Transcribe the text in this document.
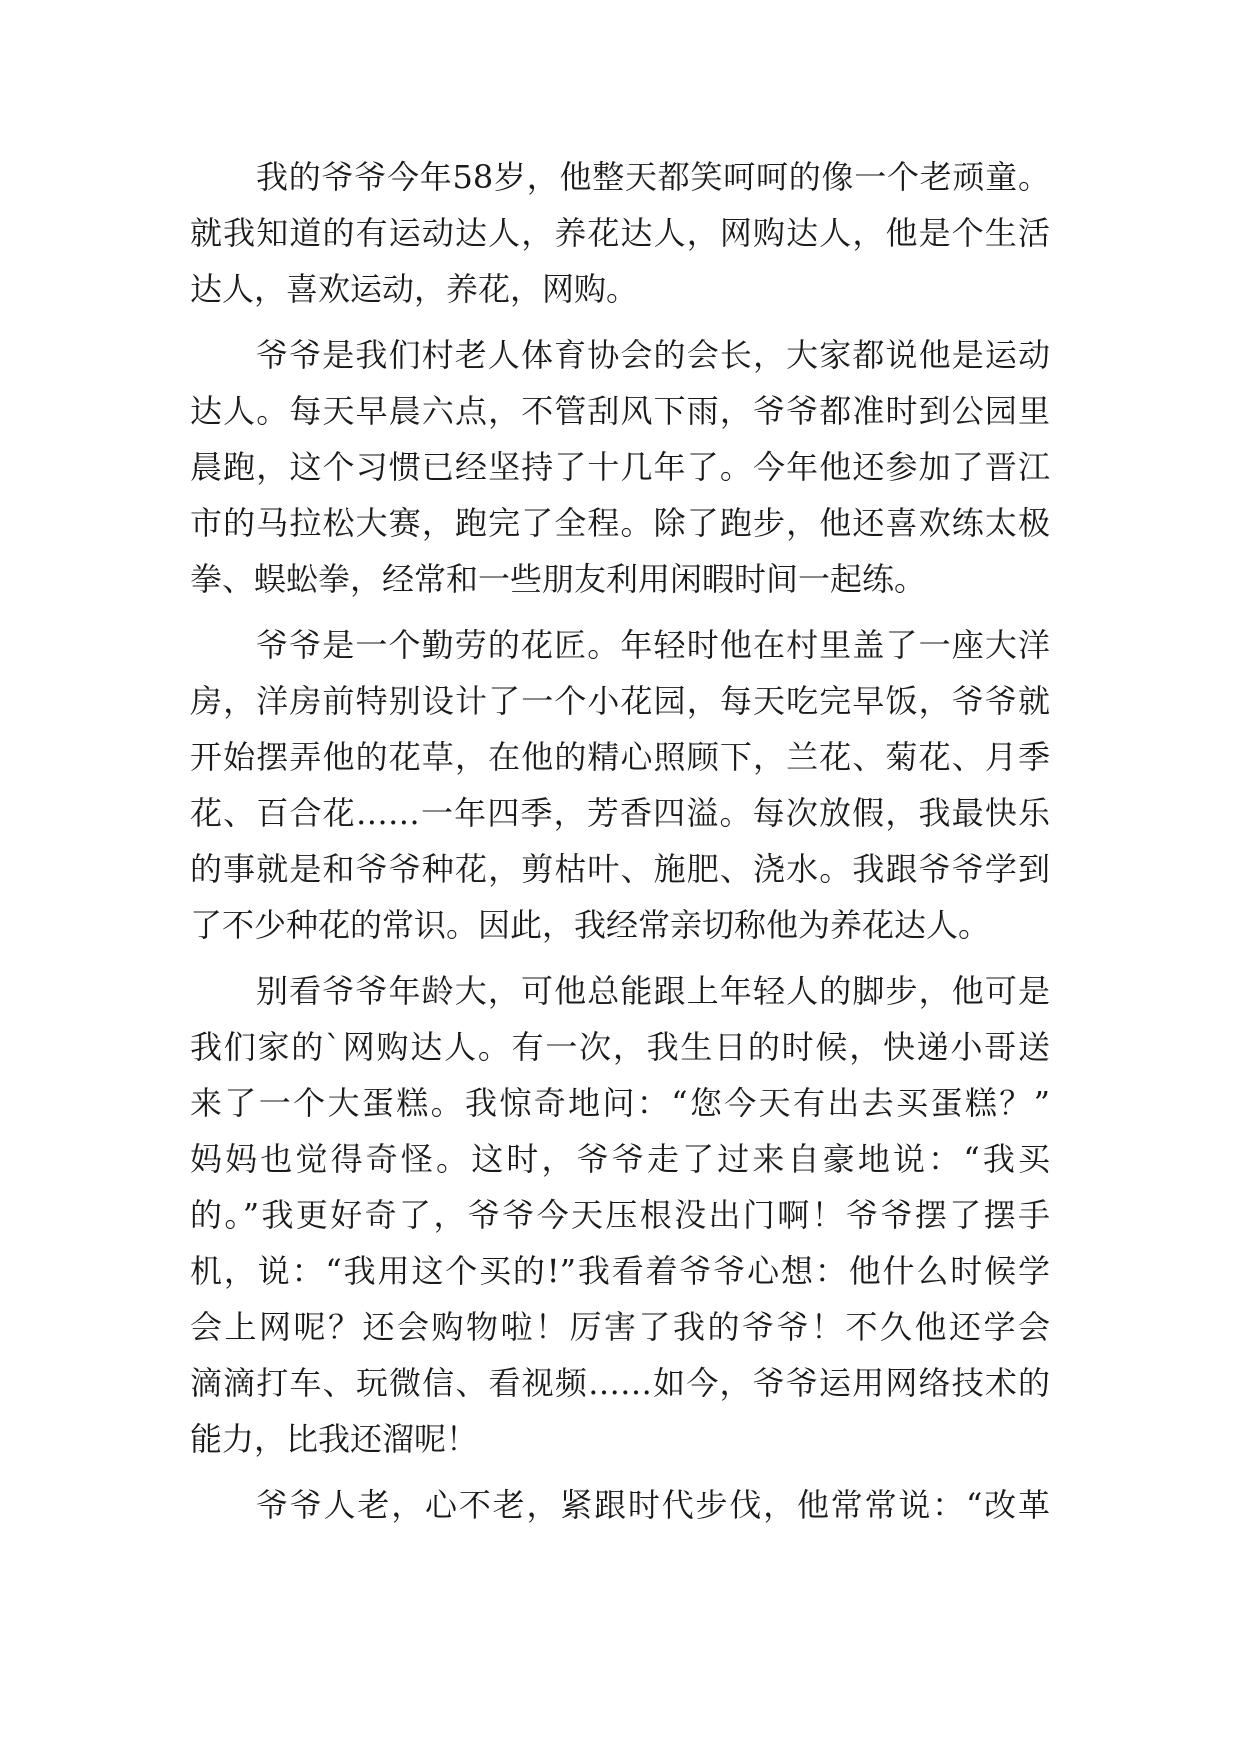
我的爷爷今年58岁，他整天都笑呵呵的像一个老顽童。
就我知道的有运动达人，养花达人，网购达人，他是个生活
达人，喜欢运动，养花，网购。
爷爷是我们村老人体育协会的会长，大家都说他是运动
达人。每天早晨六点，不管刮风下雨，爷爷都准时到公园里
晨跑，这个习惯已经坚持了十几年了。今年他还参加了晋江
市的马拉松大赛，跑完了全程。除了跑步，他还喜欢练太极
拳、蜈蚣拳，经常和一些朋友利用闲暇时间一起练。
爷爷是一个勤劳的花匠。年轻时他在村里盖了一座大洋
房，洋房前特别设计了一个小花园，每天吃完早饭，爷爷就
开始摆弄他的花草，在他的精心照顾下，兰花、菊花、月季
花、百合花……一年四季，芳香四溢。每次放假，我最快乐
的事就是和爷爷种花，剪枯叶、施肥、浇水。我跟爷爷学到
了不少种花的常识。因此，我经常亲切称他为养花达人。
别看爷爷年龄大，可他总能跟上年轻人的脚步，他可是
我们家的`网购达人。有一次，我生日的时候，快递小哥送
来了一个大蛋糕。我惊奇地问：“您今天有出去买蛋糕？”
妈妈也觉得奇怪。这时，爷爷走了过来自豪地说：“我买
的。”我更好奇了，爷爷今天压根没出门啊！爷爷摆了摆手
机，说：“我用这个买的!”我看着爷爷心想：他什么时候学
会上网呢？还会购物啦！厉害了我的爷爷！不久他还学会
滴滴打车、玩微信、看视频……如今，爷爷运用网络技术的
能力，比我还溜呢！
爷爷人老，心不老，紧跟时代步伐，他常常说：“改革
